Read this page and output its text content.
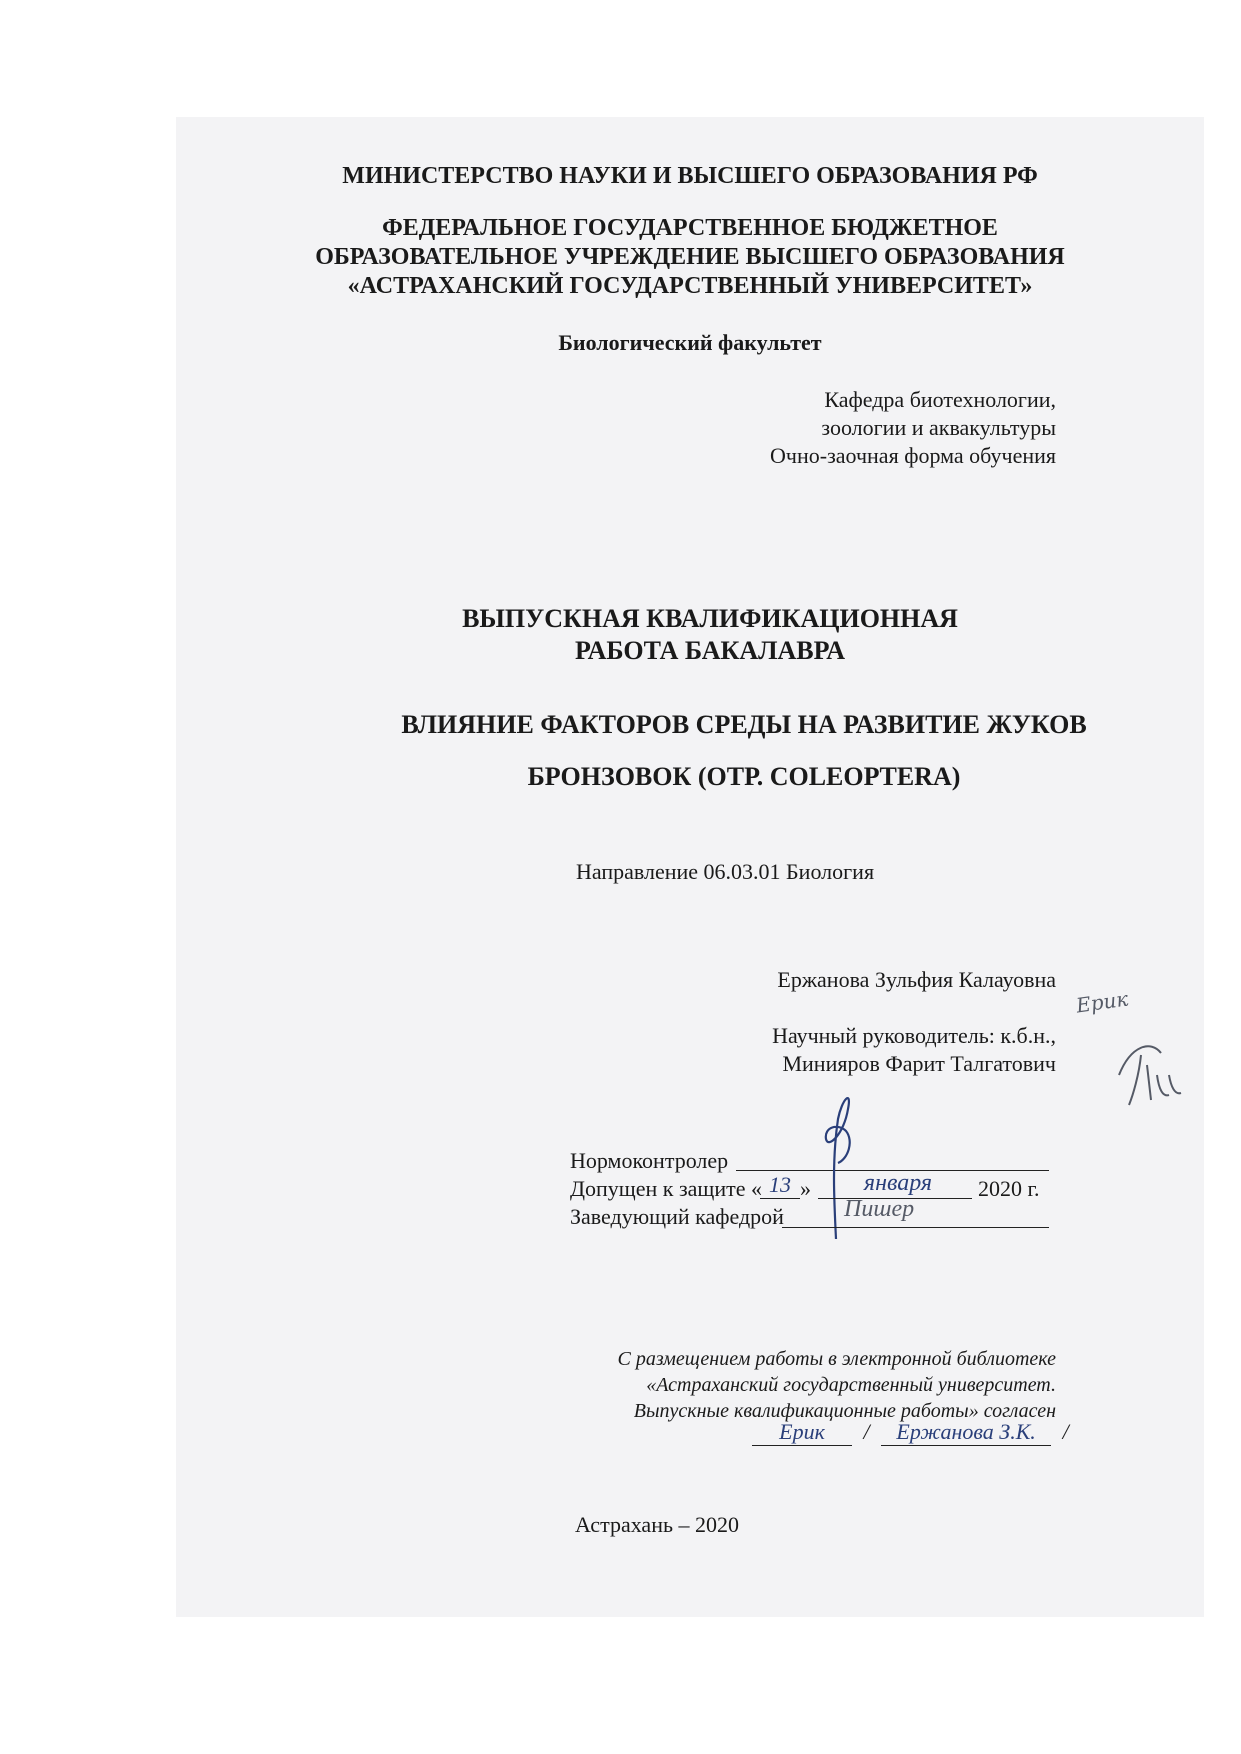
МИНИСТЕРСТВО НАУКИ И ВЫСШЕГО ОБРАЗОВАНИЯ РФ
ФЕДЕРАЛЬНОЕ ГОСУДАРСТВЕННОЕ БЮДЖЕТНОЕ
ОБРАЗОВАТЕЛЬНОЕ УЧРЕЖДЕНИЕ ВЫСШЕГО ОБРАЗОВАНИЯ
«АСТРАХАНСКИЙ ГОСУДАРСТВЕННЫЙ УНИВЕРСИТЕТ»
Биологический факультет
Кафедра биотехнологии,
зоологии и аквакультуры
Очно-заочная форма обучения
ВЫПУСКНАЯ КВАЛИФИКАЦИОННАЯ
РАБОТА БАКАЛАВРА
ВЛИЯНИЕ ФАКТОРОВ СРЕДЫ НА РАЗВИТИЕ ЖУКОВ
БРОНЗОВОК (ОТР. COLEOPTERA)
Направление 06.03.01 Биология
Ержанова Зульфия Калауовна
Ерик
Научный руководитель: к.б.н.,
Минияров Фарит Талгатович
Нормоконтролер
Допущен к защите « 13 »	января	2020 г.
Заведующий кафедрой	Пишер
С размещением работы в электронной библиотеке
«Астраханский государственный университет.
Выпускные квалификационные работы» согласен
Ерик / Ержанова З.К. /
Астрахань – 2020
